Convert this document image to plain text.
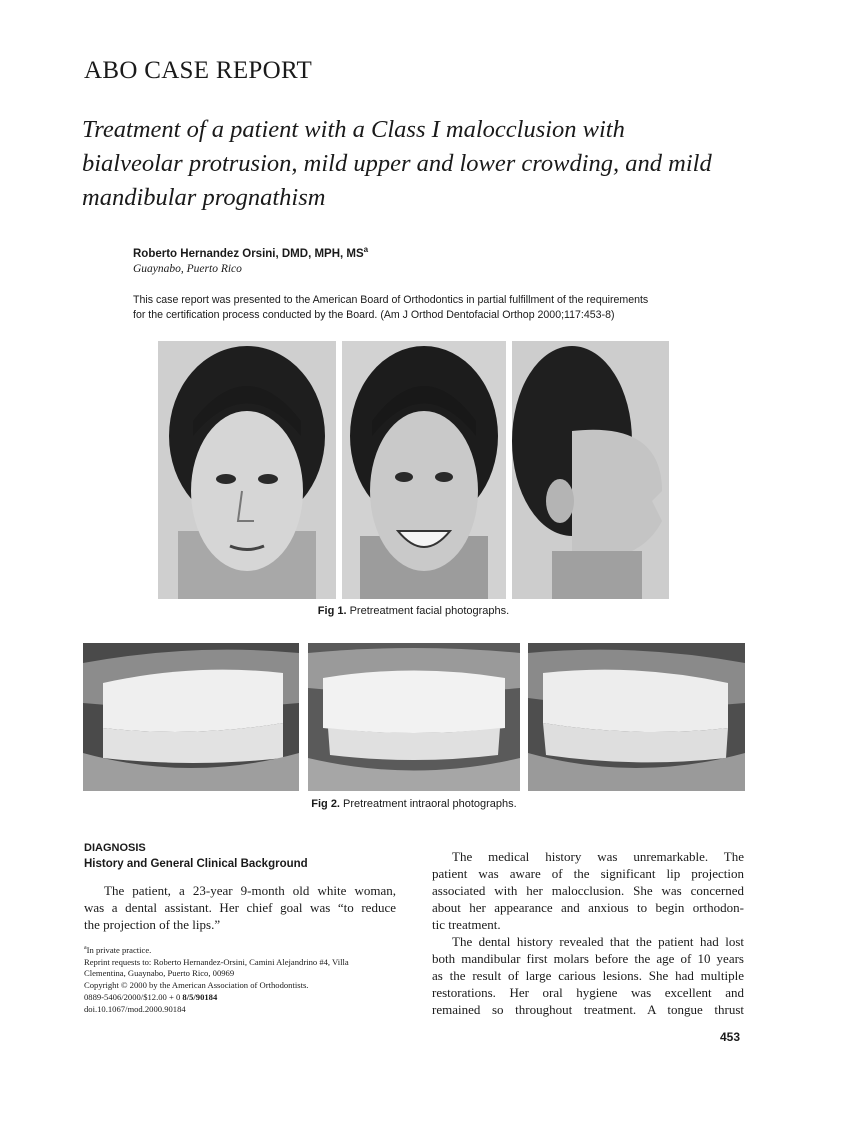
ABO CASE REPORT
Treatment of a patient with a Class I malocclusion with
bialveolar protrusion, mild upper and lower crowding, and mild
mandibular prognathism
Roberto Hernandez Orsini, DMD, MPH, $MS^a$
Guaynabo, Puerto Rico
This case report was presented to the American Board of Orthodontics in partial fulfillment of the requirements
for the certification process conducted by the Board. (Am J Orthod Dentofacial Orthop 2000;117:453-8)
Fig 1. Pretreatment facial photographs.
Fig 2. Pretreatment intraoral photographs.
DIAGNOSIS
History and General Clinical Background
The patient, a 23-year 9-month old white woman,
was a dental assistant. Her chief goal was “to reduce
the projection of the lips.”
$^a$In private practice.
Reprint requests to: Roberto Hernandez-Orsini, Camini Alejandrino #4, Villa
Clementina, Guaynabo, Puerto Rico, 00969
Copyright © 2000 by the American Association of Orthodontists.
0889-5406/2000/$12.00 + 0 8/5/90184
doi.10.1067/mod.2000.90184
The medical history was unremarkable. The
patient was aware of the significant lip projection
associated with her malocclusion. She was concerned
about her appearance and anxious to begin orthodon-
tic treatment.
The dental history revealed that the patient had lost
both mandibular first molars before the age of 10 years
as the result of large carious lesions. She had multiple
restorations. Her oral hygiene was excellent and
remained so throughout treatment. A tongue thrust
453
